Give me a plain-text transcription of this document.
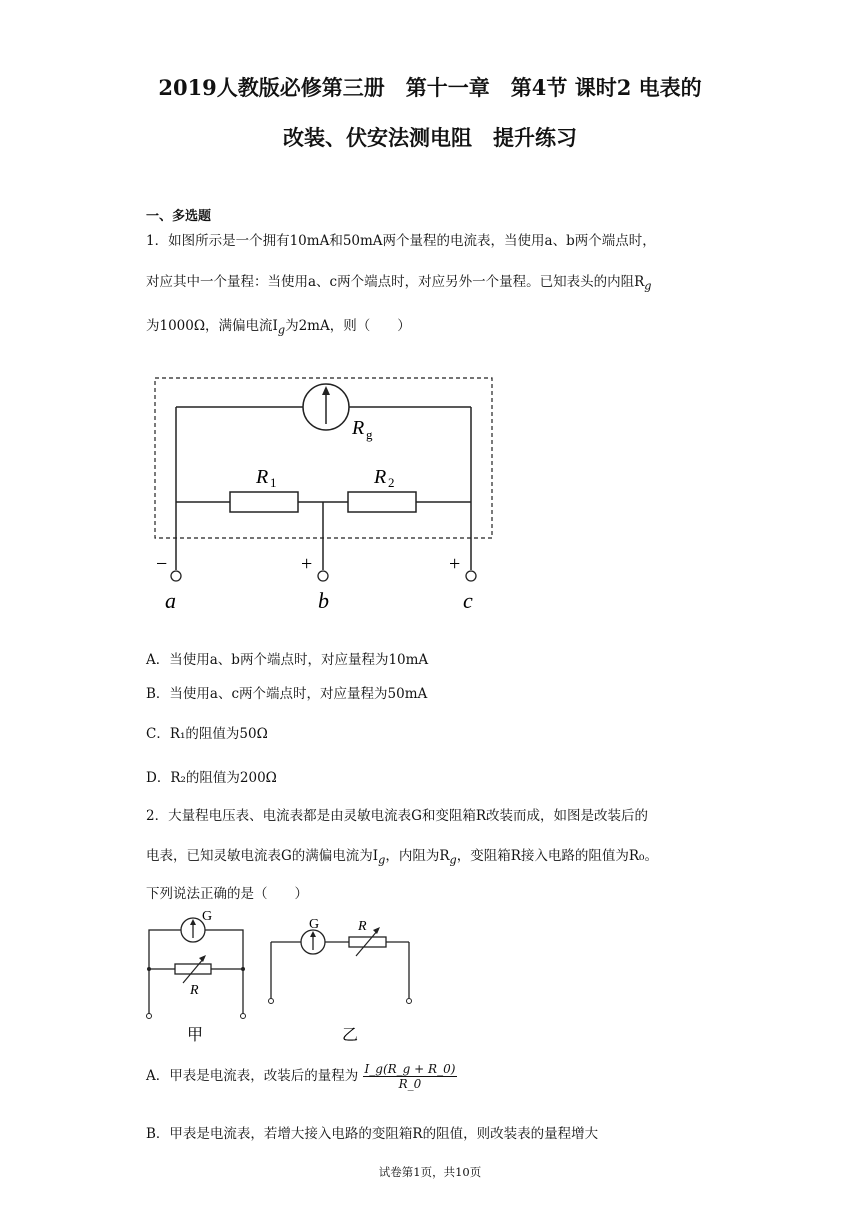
2019人教版必修第三册　第十一章　第4节 课时2 电表的
改装、伏安法测电阻　提升练习
一、多选题
1．如图所示是一个拥有10mA和50mA两个量程的电流表，当使用a、b两个端点时，
对应其中一个量程：当使用a、c两个端点时，对应另外一个量程。已知表头的内阻$R_g$
为1000Ω，满偏电流$I_g$为2mA，则（　　）
R g
R 1	R 2
−	+	+
a	b	c
A．当使用a、b两个端点时，对应量程为10mA
B．当使用a、c两个端点时，对应量程为50mA
C．R₁的阻值为50Ω
D．R₂的阻值为200Ω
2．大量程电压表、电流表都是由灵敏电流表G和变阻箱R改装而成，如图是改装后的
电表，已知灵敏电流表G的满偏电流为$I_g$，内阻为$R_g$，变阻箱R接入电路的阻值为R₀。
下列说法正确的是（　　）
G
R
甲
G	R
乙
A．甲表是电流表，改装后的量程为 $\frac{I\_g(R\_g + R\_0)}{R\_0}$
B．甲表是电流表，若增大接入电路的变阻箱R的阻值，则改装表的量程增大
试卷第1页，共10页
